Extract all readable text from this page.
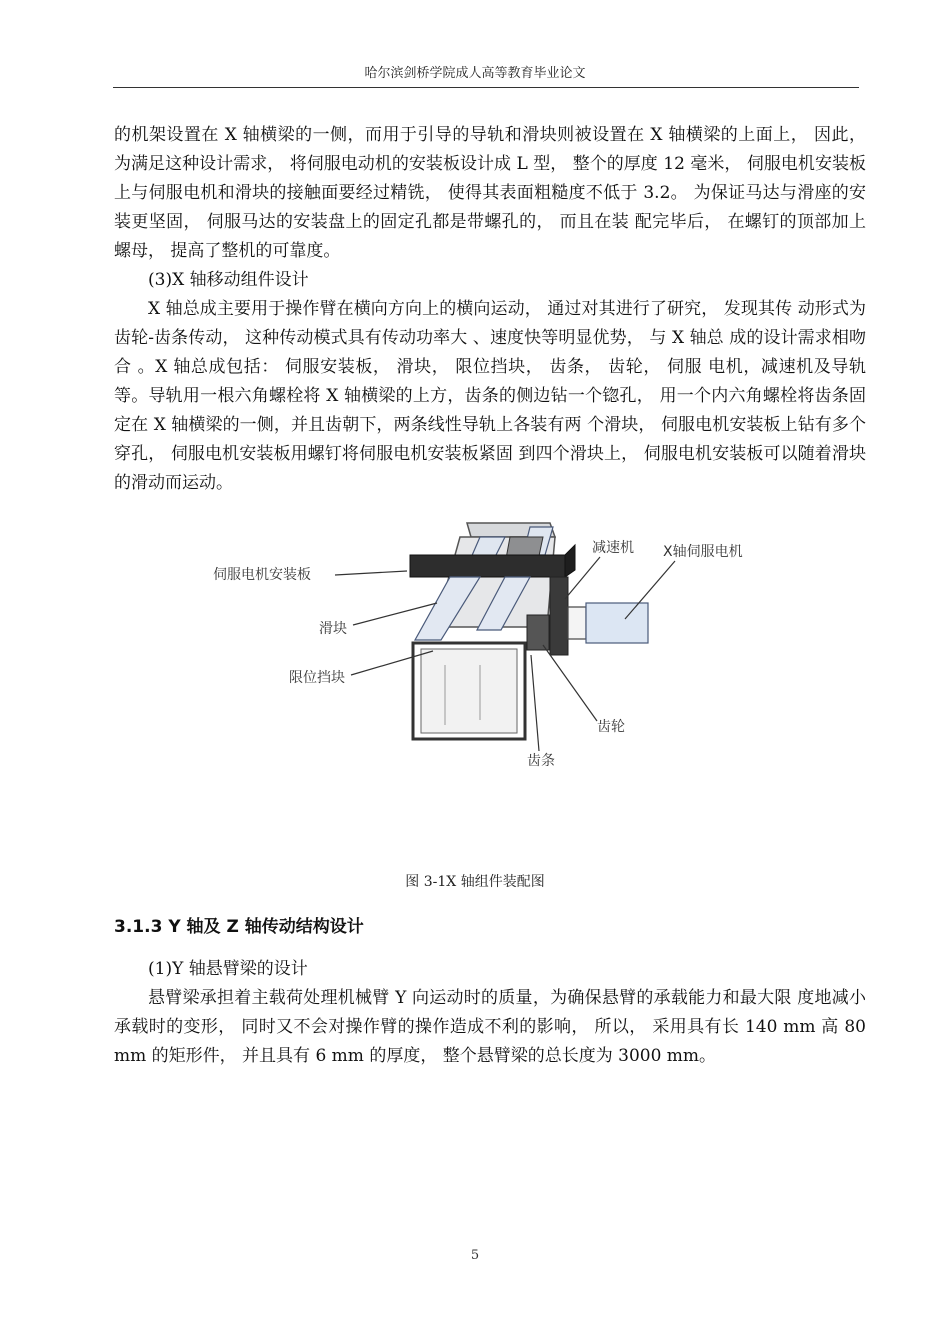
哈尔滨剑桥学院成人高等教育毕业论文

的机架设置在 X 轴横梁的一侧，而用于引导的导轨和滑块则被设置在 X 轴横梁的上面上， 因此， 为满足这种设计需求， 将伺服电动机的安装板设计成 L 型， 整个的厚度 12 毫米， 伺服电机安装板上与伺服电机和滑块的接触面要经过精铣， 使得其表面粗糙度不低于 3.2。 为保证马达与滑座的安装更坚固， 伺服马达的安装盘上的固定孔都是带螺孔的， 而且在装 配完毕后， 在螺钉的顶部加上螺母， 提高了整机的可靠度。

(3)X 轴移动组件设计

X 轴总成主要用于操作臂在横向方向上的横向运动， 通过对其进行了研究， 发现其传 动形式为齿轮-齿条传动， 这种传动模式具有传动功率大 、速度快等明显优势， 与 X 轴总 成的设计需求相吻合 。X 轴总成包括： 伺服安装板， 滑块， 限位挡块， 齿条， 齿轮， 伺服 电机，减速机及导轨等。导轨用一根六角螺栓将 X 轴横梁的上方，齿条的侧边钻一个锪孔， 用一个内六角螺栓将齿条固定在 X 轴横梁的一侧，并且齿朝下，两条线性导轨上各装有两 个滑块， 伺服电机安装板上钻有多个穿孔， 伺服电机安装板用螺钉将伺服电机安装板紧固 到四个滑块上， 伺服电机安装板可以随着滑块的滑动而运动。

伺服电机安装板
滑块
限位挡块
减速机 X轴伺服电机
齿轮
齿条
图 3-1X 轴组件装配图
3.1.3 Y 轴及 Z 轴传动结构设计

(1)Y 轴悬臂梁的设计

悬臂梁承担着主载荷处理机械臂 Y 向运动时的质量，为确保悬臂的承载能力和最大限 度地减小承载时的变形， 同时又不会对操作臂的操作造成不利的影响， 所以， 采用具有长 140 mm 高 80 mm 的矩形件， 并且具有 6 mm 的厚度， 整个悬臂梁的总长度为 3000 mm。

5
